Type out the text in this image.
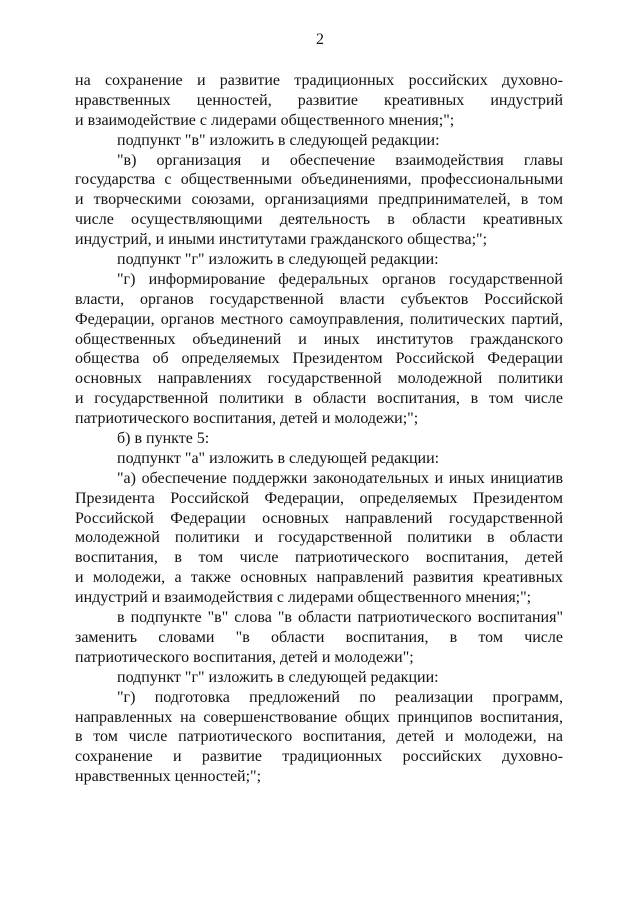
2
на сохранение и развитие традиционных российских духовно-
нравственных ценностей, развитие креативных индустрий
и взаимодействие с лидерами общественного мнения;";
подпункт "в" изложить в следующей редакции:
"в) организация и обеспечение взаимодействия главы
государства с общественными объединениями, профессиональными
и творческими союзами, организациями предпринимателей, в том
числе осуществляющими деятельность в области креативных
индустрий, и иными институтами гражданского общества;";
подпункт "г" изложить в следующей редакции:
"г) информирование федеральных органов государственной
власти, органов государственной власти субъектов Российской
Федерации, органов местного самоуправления, политических партий,
общественных объединений и иных институтов гражданского
общества об определяемых Президентом Российской Федерации
основных направлениях государственной молодежной политики
и государственной политики в области воспитания, в том числе
патриотического воспитания, детей и молодежи;";
б) в пункте 5:
подпункт "а" изложить в следующей редакции:
"а) обеспечение поддержки законодательных и иных инициатив
Президента Российской Федерации, определяемых Президентом
Российской Федерации основных направлений государственной
молодежной политики и государственной политики в области
воспитания, в том числе патриотического воспитания, детей
и молодежи, а также основных направлений развития креативных
индустрий и взаимодействия с лидерами общественного мнения;";
в подпункте "в" слова "в области патриотического воспитания"
заменить словами "в области воспитания, в том числе
патриотического воспитания, детей и молодежи";
подпункт "г" изложить в следующей редакции:
"г) подготовка предложений по реализации программ,
направленных на совершенствование общих принципов воспитания,
в том числе патриотического воспитания, детей и молодежи, на
сохранение и развитие традиционных российских духовно-
нравственных ценностей;";
